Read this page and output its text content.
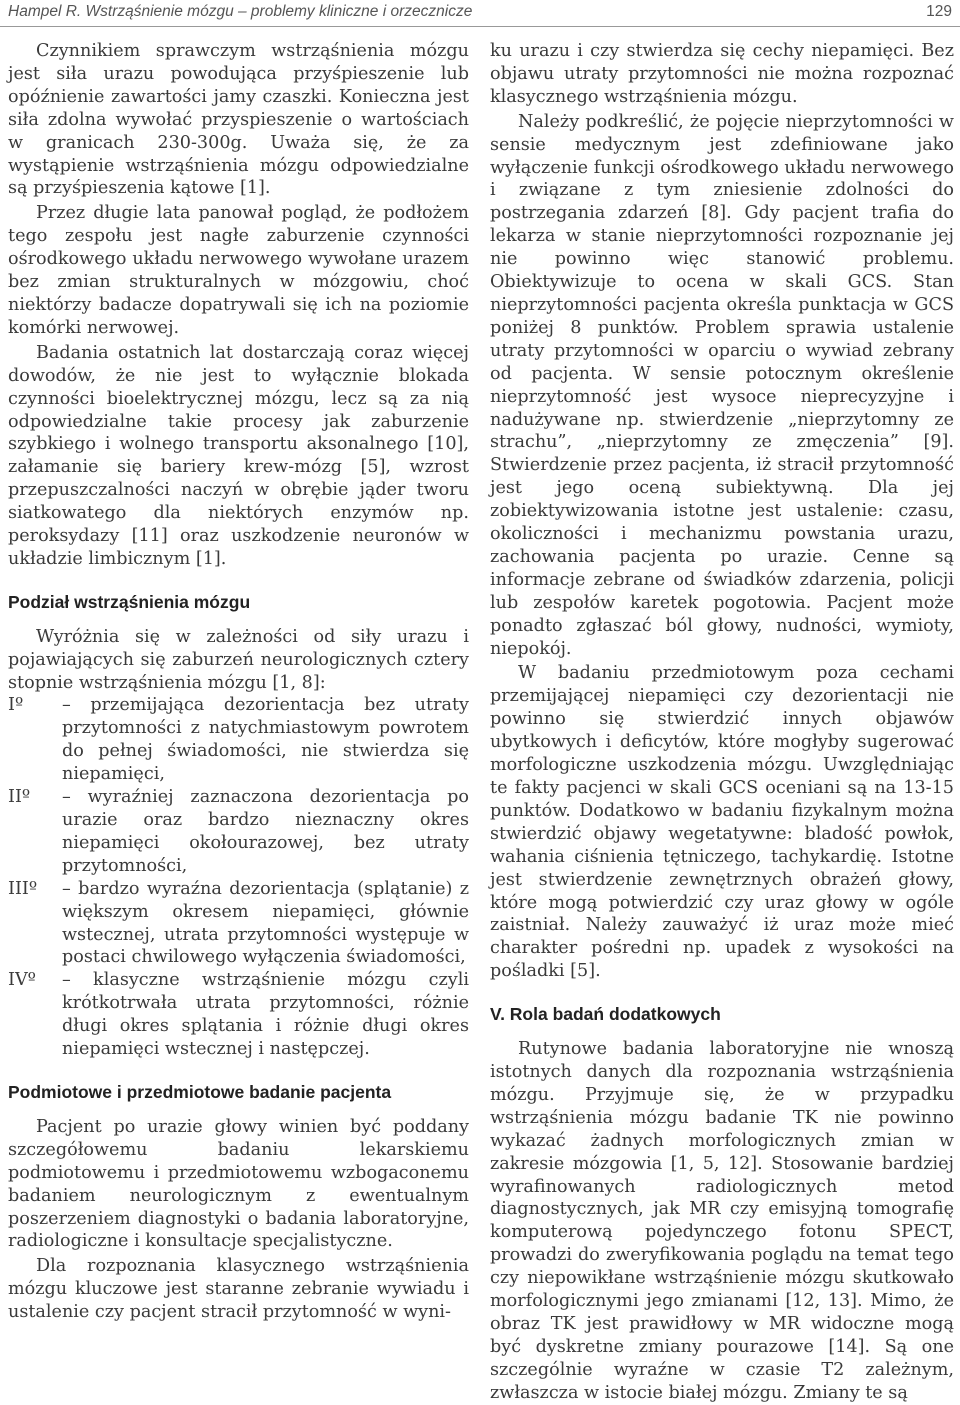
Hampel R. Wstrząśnienie mózgu – problemy kliniczne i orzecznicze	129

Czynnikiem sprawczym wstrząśnienia mózgu jest siła urazu powodująca przyśpieszenie lub opóźnienie zawartości jamy czaszki. Konieczna jest siła zdolna wywołać przyspieszenie o wartościach w granicach 230-300g. Uważa się, że za wystąpienie wstrząśnienia mózgu odpowiedzialne są przyśpieszenia kątowe [1].

Przez długie lata panował pogląd, że podłożem tego zespołu jest nagłe zaburzenie czynności ośrodkowego układu nerwowego wywołane urazem bez zmian strukturalnych w mózgowiu, choć niektórzy badacze dopatrywali się ich na poziomie komórki nerwowej.

Badania ostatnich lat dostarczają coraz więcej dowodów, że nie jest to wyłącznie blokada czynności bioelektrycznej mózgu, lecz są za nią odpowiedzialne takie procesy jak zaburzenie szybkiego i wolnego transportu aksonalnego [10], załamanie się bariery krew-mózg [5], wzrost przepuszczalności naczyń w obrębie jąder tworu siatkowatego dla niektórych enzymów np. peroksydazy [11] oraz uszkodzenie neuronów w układzie limbicznym [1].

Podział wstrząśnienia mózgu

Wyróżnia się w zależności od siły urazu i pojawiających się zaburzeń neurologicznych cztery stopnie wstrząśnienia mózgu [1, 8]:

Iº	– przemijająca dezorientacja bez utraty przytomności z natychmiastowym powrotem do pełnej świadomości, nie stwierdza się niepamięci,
IIº	– wyraźniej zaznaczona dezorientacja po urazie oraz bardzo nieznaczny okres niepamięci okołourazowej, bez utraty przytomności,
IIIº	– bardzo wyraźna dezorientacja (splątanie) z większym okresem niepamięci, głównie wstecznej, utrata przytomności występuje w postaci chwilowego wyłączenia świadomości,
IVº	– klasyczne wstrząśnienie mózgu czyli krótkotrwała utrata przytomności, różnie długi okres splątania i różnie długi okres niepamięci wstecznej i następczej.
Podmiotowe i przedmiotowe badanie pacjenta

Pacjent po urazie głowy winien być poddany szczegółowemu badaniu lekarskiemu podmiotowemu i przedmiotowemu wzbogaconemu badaniem neurologicznym z ewentualnym poszerzeniem diagnostyki o badania laboratoryjne, radiologiczne i konsultacje specjalistyczne.

Dla rozpoznania klasycznego wstrząśnienia mózgu kluczowe jest staranne zebranie wywiadu i ustalenie czy pacjent stracił przytomność w wyni-

ku urazu i czy stwierdza się cechy niepamięci. Bez objawu utraty przytomności nie można rozpoznać klasycznego wstrząśnienia mózgu.

Należy podkreślić, że pojęcie nieprzytomności w sensie medycznym jest zdefiniowane jako wyłączenie funkcji ośrodkowego układu nerwowego i związane z tym zniesienie zdolności do postrzegania zdarzeń [8]. Gdy pacjent trafia do lekarza w stanie nieprzytomności rozpoznanie jej nie powinno więc stanowić problemu. Obiektywizuje to ocena w skali GCS. Stan nieprzytomności pacjenta określa punktacja w GCS poniżej 8 punktów. Problem sprawia ustalenie utraty przytomności w oparciu o wywiad zebrany od pacjenta. W sensie potocznym określenie nieprzytomność jest wysoce nieprecyzyjne i nadużywane np. stwierdzenie „nieprzytomny ze strachu”, „nieprzytomny ze zmęczenia” [9]. Stwierdzenie przez pacjenta, iż stracił przytomność jest jego oceną subiektywną. Dla jej zobiektywizowania istotne jest ustalenie: czasu, okoliczności i mechanizmu powstania urazu, zachowania pacjenta po urazie. Cenne są informacje zebrane od świadków zdarzenia, policji lub zespołów karetek pogotowia. Pacjent może ponadto zgłaszać ból głowy, nudności, wymioty, niepokój.

W badaniu przedmiotowym poza cechami przemijającej niepamięci czy dezorientacji nie powinno się stwierdzić innych objawów ubytkowych i deficytów, które mogłyby sugerować morfologiczne uszkodzenia mózgu. Uwzględniając te fakty pacjenci w skali GCS oceniani są na 13-15 punktów. Dodatkowo w badaniu fizykalnym można stwierdzić objawy wegetatywne: bladość powłok, wahania ciśnienia tętniczego, tachykardię. Istotne jest stwierdzenie zewnętrznych obrażeń głowy, które mogą potwierdzić czy uraz głowy w ogóle zaistniał. Należy zauważyć iż uraz może mieć charakter pośredni np. upadek z wysokości na pośladki [5].

V. Rola badań dodatkowych

Rutynowe badania laboratoryjne nie wnoszą istotnych danych dla rozpoznania wstrząśnienia mózgu. Przyjmuje się, że w przypadku wstrząśnienia mózgu badanie TK nie powinno wykazać żadnych morfologicznych zmian w zakresie mózgowia [1, 5, 12]. Stosowanie bardziej wyrafinowanych radiologicznych metod diagnostycznych, jak MR czy emisyjną tomografię komputerową pojedynczego fotonu SPECT, prowadzi do zweryfikowania poglądu na temat tego czy niepowikłane wstrząśnienie mózgu skutkowało morfologicznymi jego zmianami [12, 13]. Mimo, że obraz TK jest prawidłowy w MR widoczne mogą być dyskretne zmiany pourazowe [14]. Są one szczególnie wyraźne w czasie T2 zależnym, zwłaszcza w istocie białej mózgu. Zmiany te są
